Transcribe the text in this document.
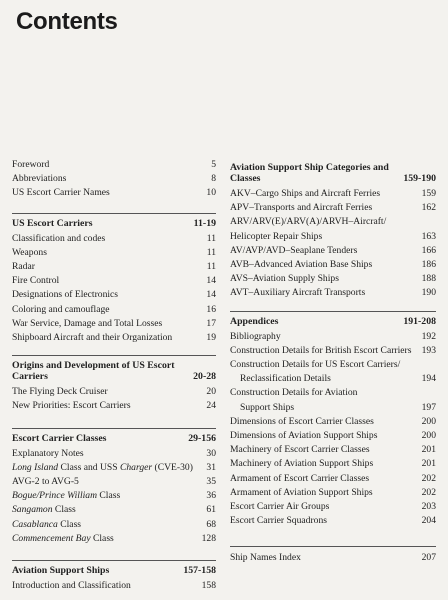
Contents
Foreword	5
Abbreviations	8
US Escort Carrier Names	10
US Escort Carriers	11-19
Classification and codes	11
Weapons	11
Radar	11
Fire Control	14
Designations of Electronics	14
Coloring and camouflage	16
War Service, Damage and Total Losses	17
Shipboard Aircraft and their Organization	19
Origins and Development of US Escort Carriers	20-28
The Flying Deck Cruiser	20
New Priorities: Escort Carriers	24
Escort Carrier Classes	29-156
Explanatory Notes	30
Long Island Class and USS Charger (CVE-30)	31
AVG-2 to AVG-5	35
Bogue/Prince William Class	36
Sangamon Class	61
Casablanca Class	68
Commencement Bay Class	128
Aviation Support Ships	157-158
Introduction and Classification	158
Aviation Support Ship Categories and Classes	159-190
AKV–Cargo Ships and Aircraft Ferries	159
APV–Transports and Aircraft Ferries	162
ARV/ARV(E)/ARV(A)/ARVH–Aircraft/
Helicopter Repair Ships	163
AV/AVP/AVD–Seaplane Tenders	166
AVB–Advanced Aviation Base Ships	186
AVS–Aviation Supply Ships	188
AVT–Auxiliary Aircraft Transports	190
Appendices	191-208
Bibliography	192
Construction Details for British Escort Carriers	193
Construction Details for US Escort Carriers/
Reclassification Details	194
Construction Details for Aviation
Support Ships	197
Dimensions of Escort Carrier Classes	200
Dimensions of Aviation Support Ships	200
Machinery of Escort Carrier Classes	201
Machinery of Aviation Support Ships	201
Armament of Escort Carrier Classes	202
Armament of Aviation Support Ships	202
Escort Carrier Air Groups	203
Escort Carrier Squadrons	204
Ship Names Index	207
